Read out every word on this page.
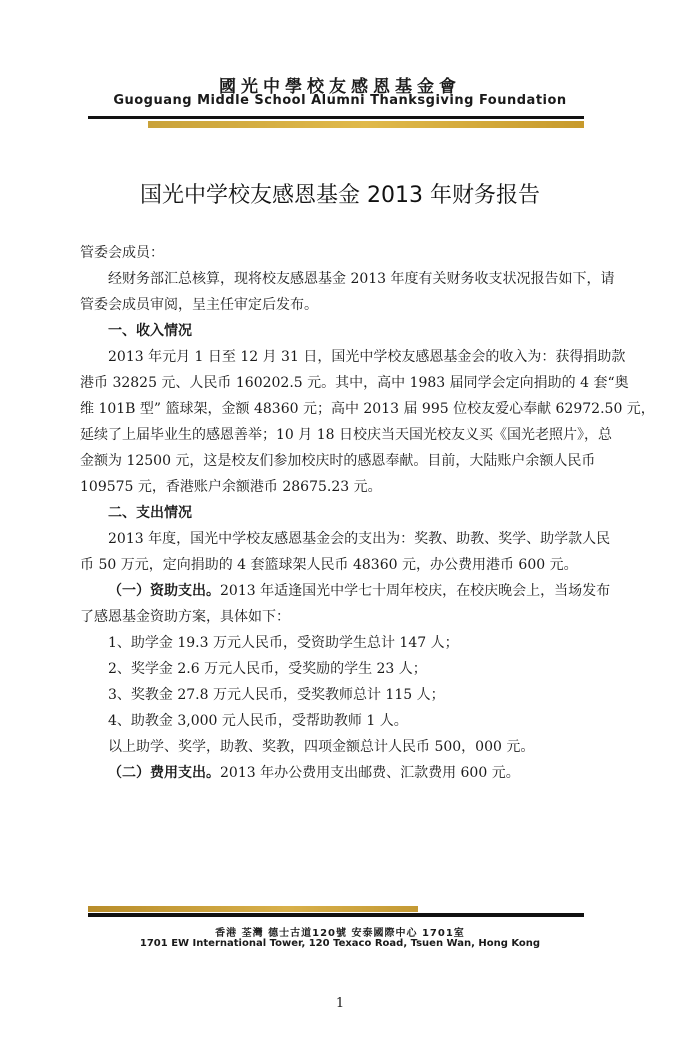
國光中學校友感恩基金會
Guoguang Middle School Alumni Thanksgiving Foundation
国光中学校友感恩基金 2013 年财务报告
管委会成员：
经财务部汇总核算，现将校友感恩基金 2013 年度有关财务收支状况报告如下，请
管委会成员审阅，呈主任审定后发布。
一、收入情况
2013 年元月 1 日至 12 月 31 日，国光中学校友感恩基金会的收入为：获得捐助款
港币 32825 元、人民币 160202.5 元。其中，高中 1983 届同学会定向捐助的 4 套“奥
维 101B 型” 篮球架，金额 48360 元；高中 2013 届 995 位校友爱心奉献 62972.50 元，
延续了上届毕业生的感恩善举；10 月 18 日校庆当天国光校友义买《国光老照片》，总
金额为 12500 元，这是校友们参加校庆时的感恩奉献。目前，大陆账户余额人民币
109575 元，香港账户余额港币 28675.23 元。
二、支出情况
2013 年度，国光中学校友感恩基金会的支出为：奖教、助教、奖学、助学款人民
币 50 万元，定向捐助的 4 套篮球架人民币 48360 元，办公费用港币 600 元。
（一）资助支出。2013 年适逢国光中学七十周年校庆，在校庆晚会上，当场发布
了感恩基金资助方案，具体如下：
1、助学金 19.3 万元人民币，受资助学生总计 147 人；
2、奖学金 2.6 万元人民币，受奖励的学生 23 人；
3、奖教金 27.8 万元人民币，受奖教师总计 115 人；
4、助教金 3,000 元人民币，受帮助教师 1 人。
以上助学、奖学，助教、奖教，四项金额总计人民币 500，000 元。
（二）费用支出。2013 年办公费用支出邮费、汇款费用 600 元。
香港 荃灣 德士古道120號 安泰國際中心 1701室
1701 EW International Tower, 120 Texaco Road, Tsuen Wan, Hong Kong
1
